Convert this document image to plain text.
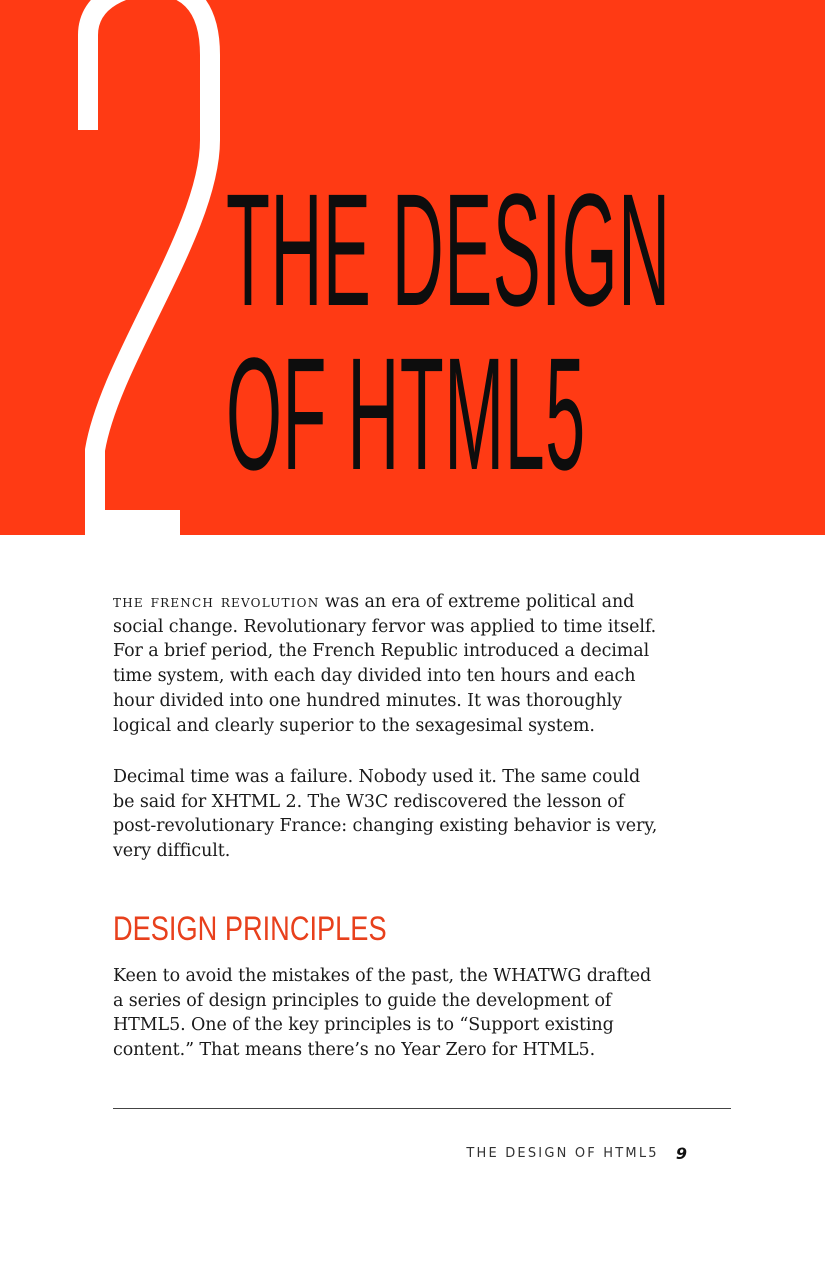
THE DESIGN
OF HTML5

the french revolution was an era of extreme political and social change. Revolutionary fervor was applied to time itself. For a brief period, the French Republic introduced a decimal time system, with each day divided into ten hours and each hour divided into one hundred minutes. It was thoroughly logical and clearly superior to the sexagesimal system.

Decimal time was a failure. Nobody used it. The same could be said for XHTML 2. The W3C rediscovered the lesson of post-revolutionary France: changing existing behavior is very, very difficult.

DESIGN PRINCIPLES

Keen to avoid the mistakes of the past, the WHATWG drafted a series of design principles to guide the development of HTML5. One of the key principles is to “Support existing content.” That means there’s no Year Zero for HTML5.

THE DESIGN OF HTML5 9
